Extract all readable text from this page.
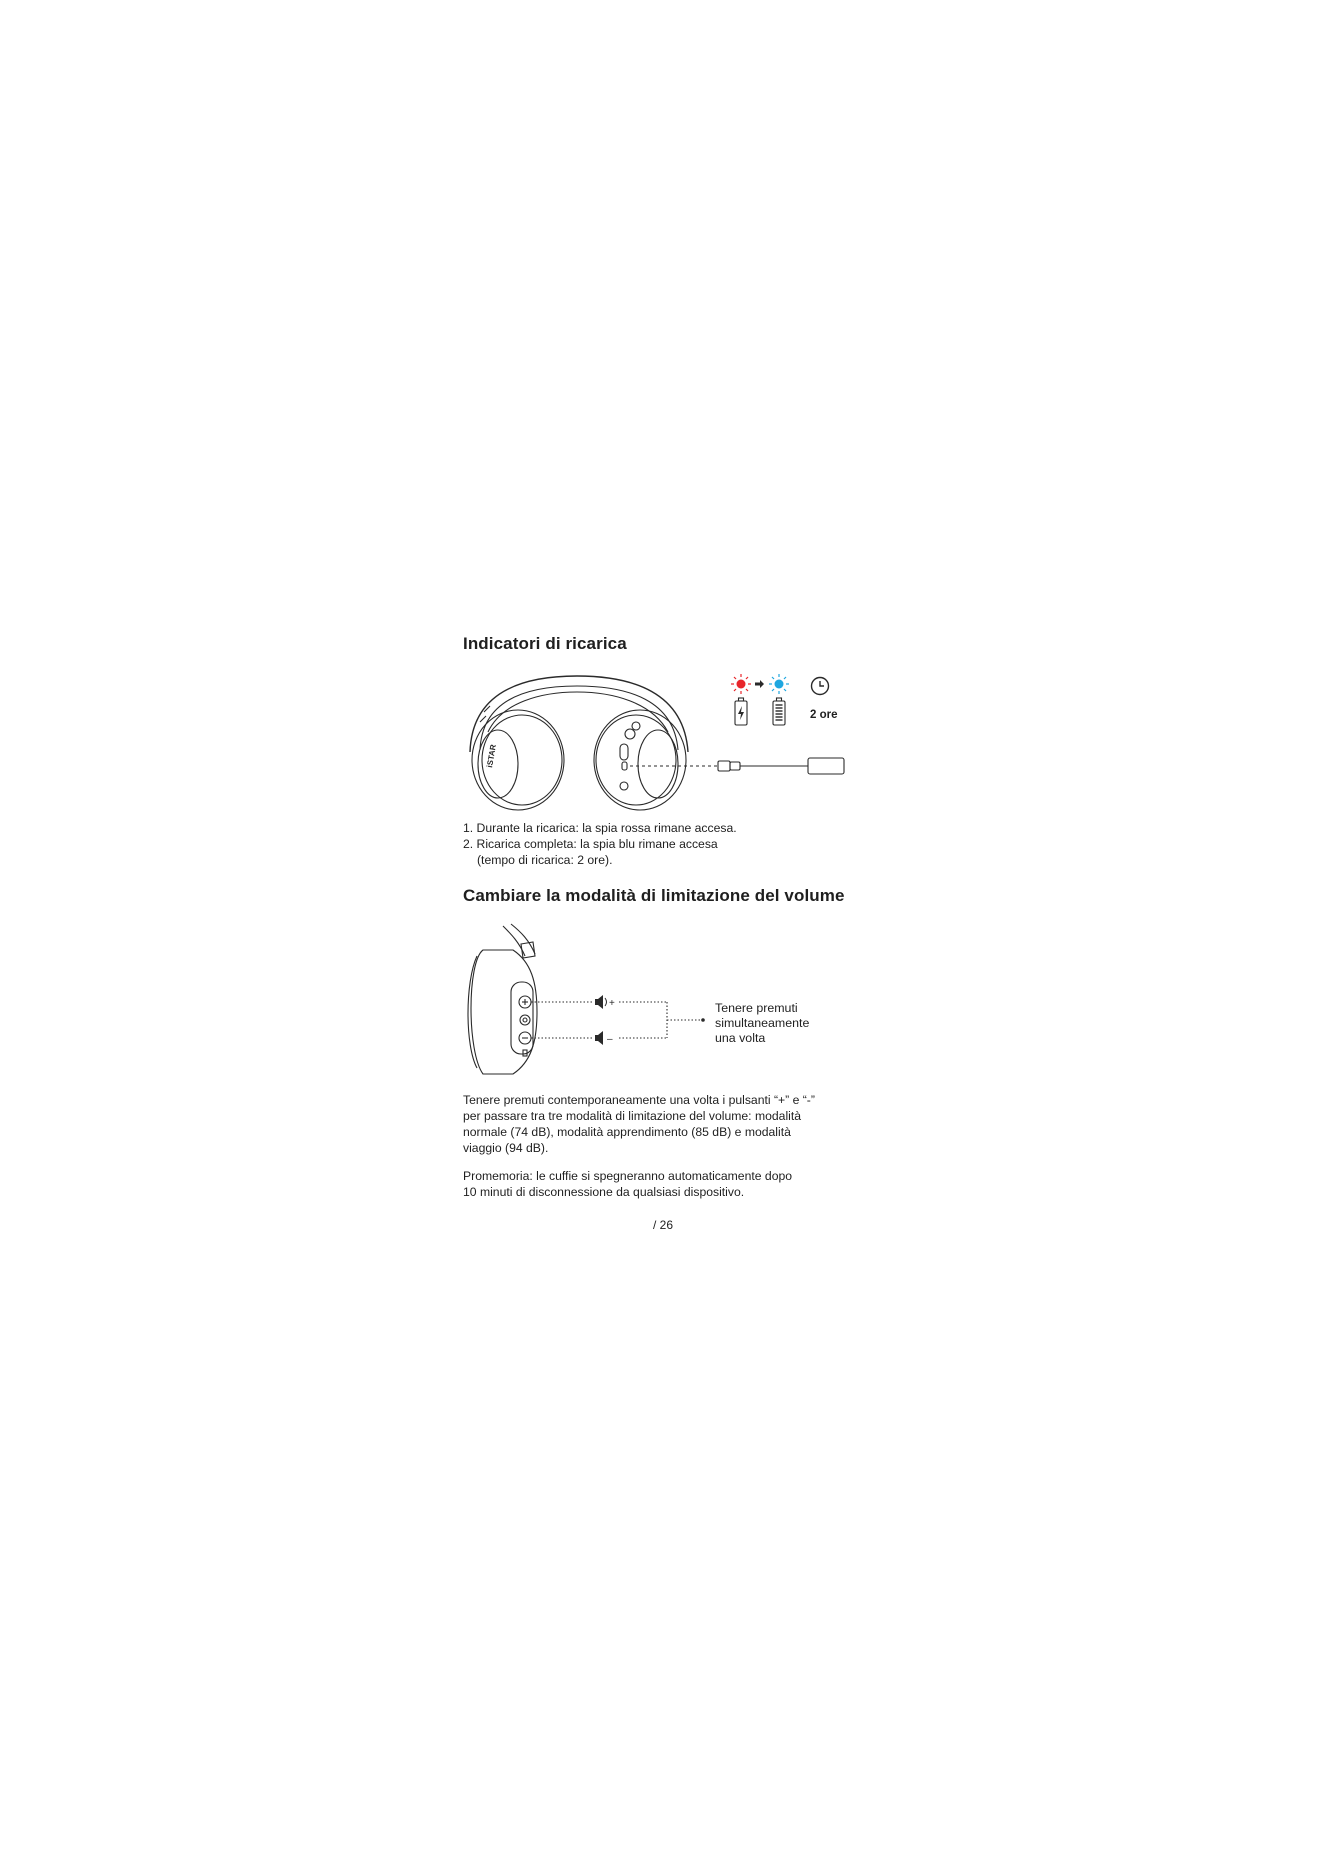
Indicatori di ricarica
iSTAR
2 ore
1. Durante la ricarica: la spia rossa rimane accesa.
2. Ricarica completa: la spia blu rimane accesa
(tempo di ricarica: 2 ore).
Cambiare la modalità di limitazione del volume
+
–
Tenere premuti
simultaneamente
una volta
Tenere premuti contemporaneamente una volta i pulsanti “+” e “-”
per passare tra tre modalità di limitazione del volume: modalità
normale (74 dB), modalità apprendimento (85 dB) e modalità
viaggio (94 dB).
Promemoria: le cuffie si spegneranno automaticamente dopo
10 minuti di disconnessione da qualsiasi dispositivo.
/ 26
